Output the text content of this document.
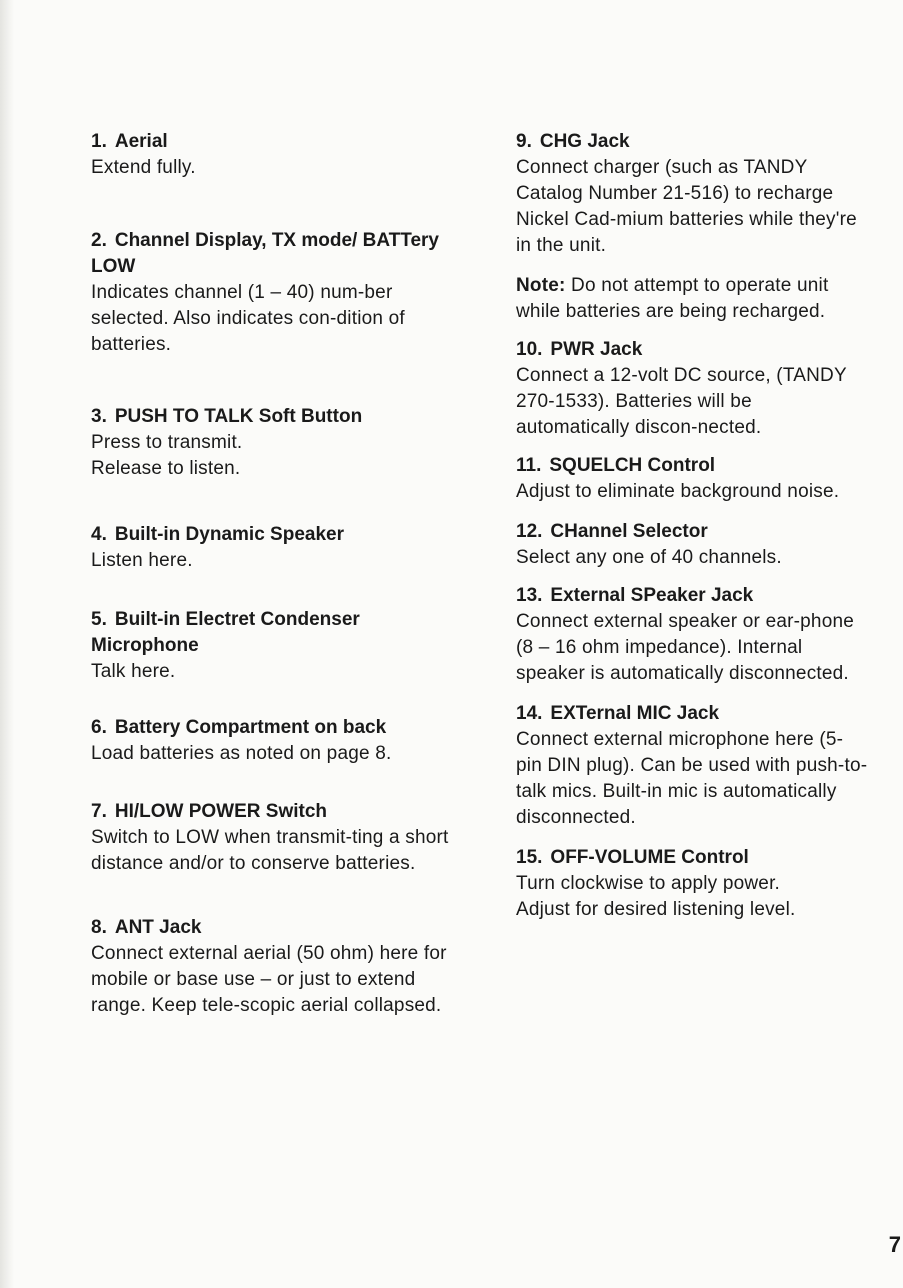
1. Aerial

Extend fully.

2. Channel Display, TX mode/ BATTery LOW

Indicates channel (1 – 40) num-ber selected. Also indicates con-dition of batteries.

3. PUSH TO TALK Soft Button

Press to transmit.

Release to listen.

4. Built-in Dynamic Speaker

Listen here.

5. Built-in Electret Condenser Microphone

Talk here.

6. Battery Compartment on back

Load batteries as noted on page 8.

7. HI/LOW POWER Switch

Switch to LOW when transmit-ting a short distance and/or to conserve batteries.

8. ANT Jack

Connect external aerial (50 ohm) here for mobile or base use – or just to extend range. Keep tele-scopic aerial collapsed.

9. CHG Jack

Connect charger (such as TANDY Catalog Number 21-516) to recharge Nickel Cad-mium batteries while they're in the unit.

Note: Do not attempt to operate unit while batteries are being recharged.

10. PWR Jack

Connect a 12-volt DC source, (TANDY 270-1533). Batteries will be automatically discon-nected.

11. SQUELCH Control

Adjust to eliminate background noise.

12. CHannel Selector

Select any one of 40 channels.

13. External SPeaker Jack

Connect external speaker or ear-phone (8 – 16 ohm impedance). Internal speaker is automatically disconnected.

14. EXTernal MIC Jack

Connect external microphone here (5-pin DIN plug). Can be used with push-to-talk mics. Built-in mic is automatically disconnected.

15. OFF-VOLUME Control

Turn clockwise to apply power.

Adjust for desired listening level.

7
